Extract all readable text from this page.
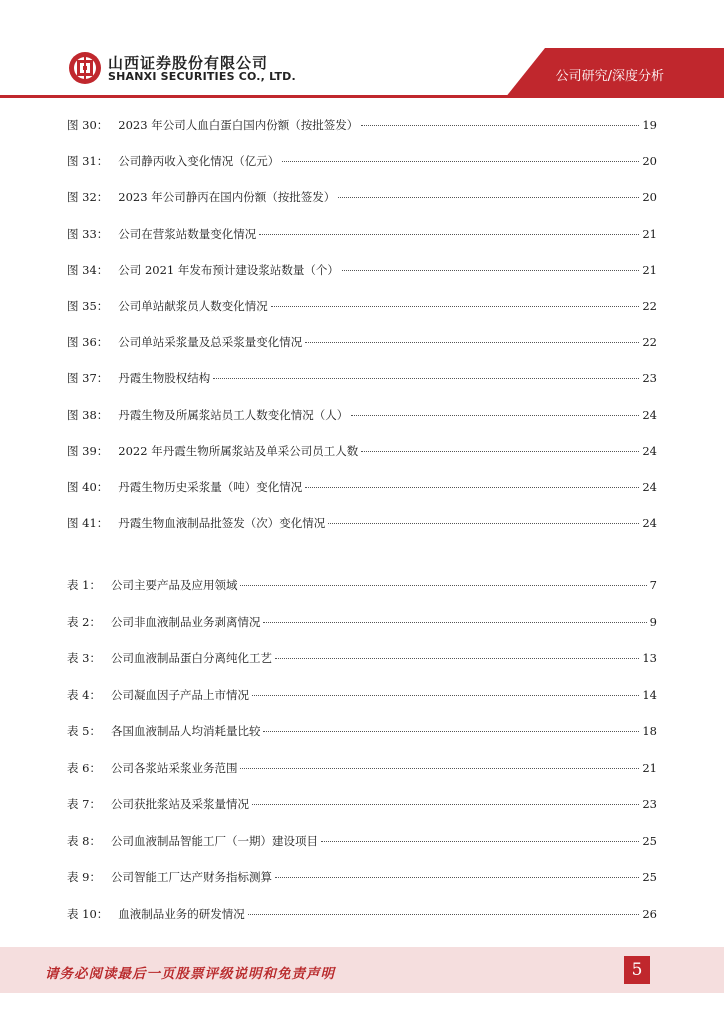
山西证券股份有限公司
SHANXI SECURITIES CO., LTD.	公司研究/深度分析
图 30： 2023 年公司人血白蛋白国内份额（按批签发）	19
图 31： 公司静丙收入变化情况（亿元）	20
图 32： 2023 年公司静丙在国内份额（按批签发）	20
图 33： 公司在营浆站数量变化情况	21
图 34： 公司 2021 年发布预计建设浆站数量（个）	21
图 35： 公司单站献浆员人数变化情况	22
图 36： 公司单站采浆量及总采浆量变化情况	22
图 37： 丹霞生物股权结构	23
图 38： 丹霞生物及所属浆站员工人数变化情况（人）	24
图 39： 2022 年丹霞生物所属浆站及单采公司员工人数	24
图 40： 丹霞生物历史采浆量（吨）变化情况	24
图 41： 丹霞生物血液制品批签发（次）变化情况	24
表 1： 公司主要产品及应用领域	7
表 2： 公司非血液制品业务剥离情况	9
表 3： 公司血液制品蛋白分离纯化工艺	13
表 4： 公司凝血因子产品上市情况	14
表 5： 各国血液制品人均消耗量比较	18
表 6： 公司各浆站采浆业务范围	21
表 7： 公司获批浆站及采浆量情况	23
表 8： 公司血液制品智能工厂（一期）建设项目	25
表 9： 公司智能工厂达产财务指标测算	25
表 10： 血液制品业务的研发情况	26
请务必阅读最后一页股票评级说明和免责声明	5
